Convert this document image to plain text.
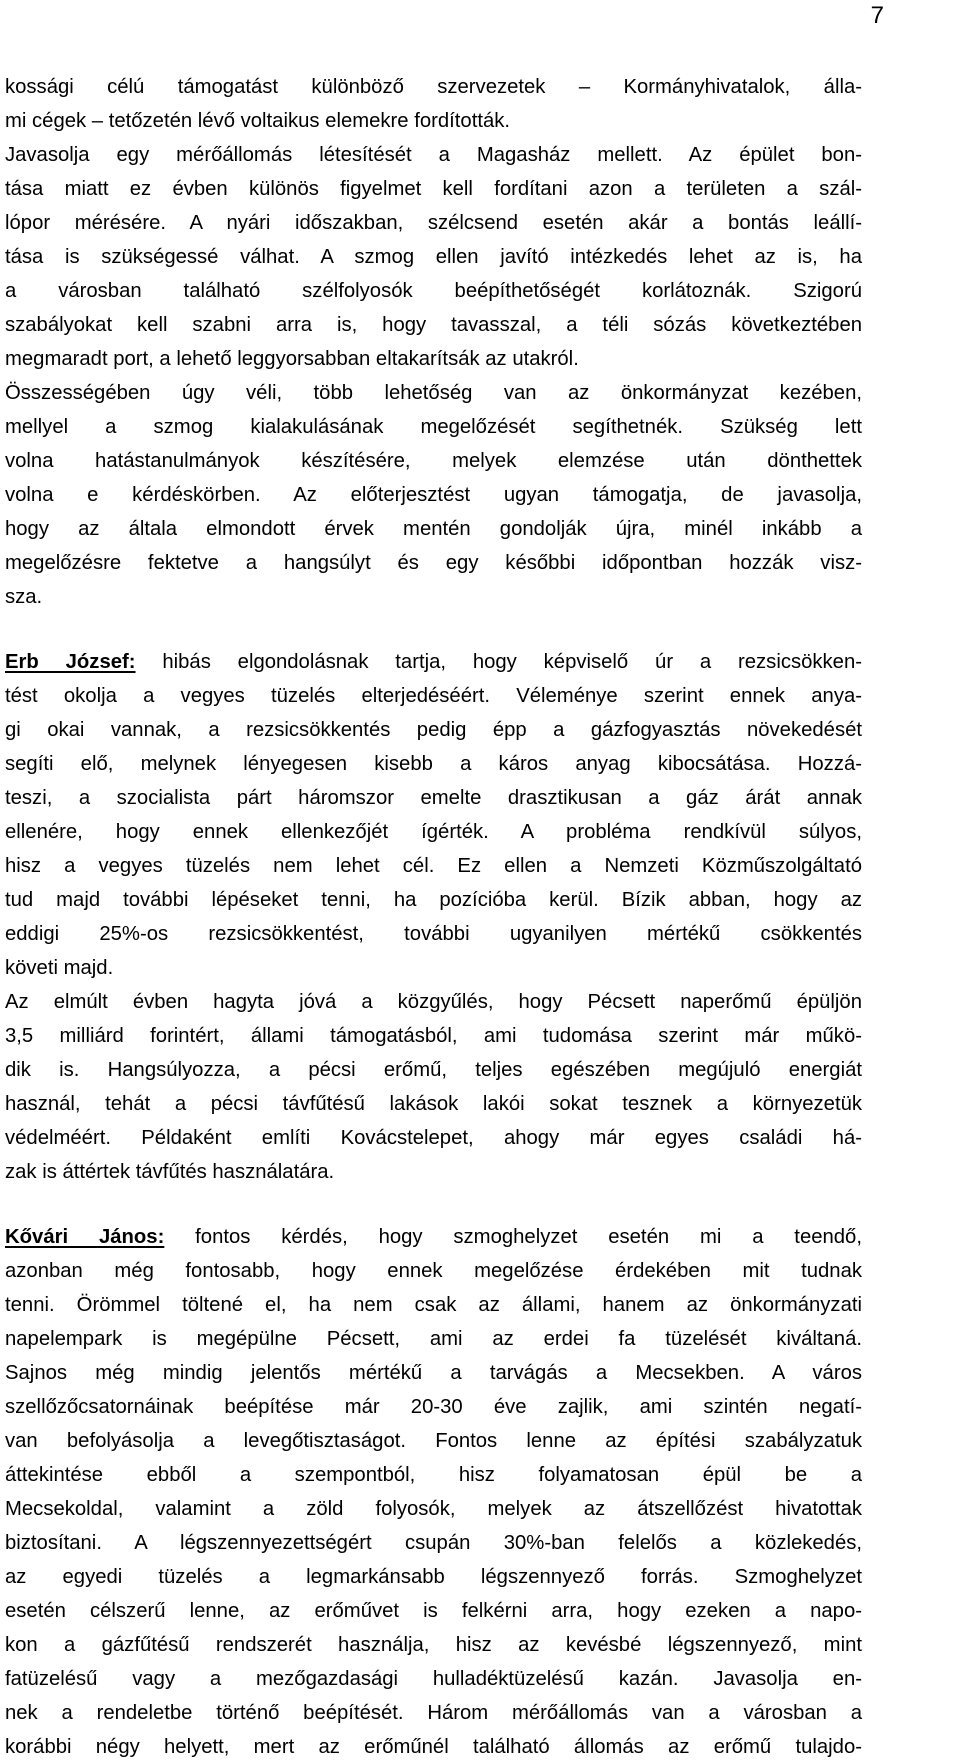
7
kossági célú támogatást különböző szervezetek – Kormányhivatalok, álla-
mi cégek – tetőzetén lévő voltaikus elemekre fordították.
Javasolja egy mérőállomás létesítését a Magasház mellett. Az épület bon-
tása miatt ez évben különös figyelmet kell fordítani azon a területen a szál-
lópor mérésére. A nyári időszakban, szélcsend esetén akár a bontás leállí-
tása is szükségessé válhat. A szmog ellen javító intézkedés lehet az is, ha
a városban található szélfolyosók beépíthetőségét korlátoznák. Szigorú
szabályokat kell szabni arra is, hogy tavasszal, a téli sózás következtében
megmaradt port, a lehető leggyorsabban eltakarítsák az utakról.
Összességében úgy véli, több lehetőség van az önkormányzat kezében,
mellyel a szmog kialakulásának megelőzését segíthetnék. Szükség lett
volna hatástanulmányok készítésére, melyek elemzése után dönthettek
volna e kérdéskörben. Az előterjesztést ugyan támogatja, de javasolja,
hogy az általa elmondott érvek mentén gondolják újra, minél inkább a
megelőzésre fektetve a hangsúlyt és egy későbbi időpontban hozzák visz-
sza.
Erb József: hibás elgondolásnak tartja, hogy képviselő úr a rezsicsökken-
tést okolja a vegyes tüzelés elterjedéséért. Véleménye szerint ennek anya-
gi okai vannak, a rezsicsökkentés pedig épp a gázfogyasztás növekedését
segíti elő, melynek lényegesen kisebb a káros anyag kibocsátása. Hozzá-
teszi, a szocialista párt háromszor emelte drasztikusan a gáz árát annak
ellenére, hogy ennek ellenkezőjét ígérték. A probléma rendkívül súlyos,
hisz a vegyes tüzelés nem lehet cél. Ez ellen a Nemzeti Közműszolgáltató
tud majd további lépéseket tenni, ha pozícióba kerül. Bízik abban, hogy az
eddigi 25%-os rezsicsökkentést, további ugyanilyen mértékű csökkentés
követi majd.
Az elmúlt évben hagyta jóvá a közgyűlés, hogy Pécsett naperőmű épüljön
3,5 milliárd forintért, állami támogatásból, ami tudomása szerint már műkö-
dik is. Hangsúlyozza, a pécsi erőmű, teljes egészében megújuló energiát
használ, tehát a pécsi távfűtésű lakások lakói sokat tesznek a környezetük
védelméért. Példaként említi Kovácstelepet, ahogy már egyes családi há-
zak is áttértek távfűtés használatára.
Kővári János: fontos kérdés, hogy szmoghelyzet esetén mi a teendő,
azonban még fontosabb, hogy ennek megelőzése érdekében mit tudnak
tenni. Örömmel töltené el, ha nem csak az állami, hanem az önkormányzati
napelempark is megépülne Pécsett, ami az erdei fa tüzelését kiváltaná.
Sajnos még mindig jelentős mértékű a tarvágás a Mecsekben. A város
szellőzőcsatornáinak beépítése már 20-30 éve zajlik, ami szintén negatí-
van befolyásolja a levegőtisztaságot. Fontos lenne az építési szabályzatuk
áttekintése ebből a szempontból, hisz folyamatosan épül be a
Mecsekoldal, valamint a zöld folyosók, melyek az átszellőzést hivatottak
biztosítani. A légszennyezettségért csupán 30%-ban felelős a közlekedés,
az egyedi tüzelés a legmarkánsabb légszennyező forrás. Szmoghelyzet
esetén célszerű lenne, az erőművet is felkérni arra, hogy ezeken a napo-
kon a gázfűtésű rendszerét használja, hisz az kevésbé légszennyező, mint
fatüzelésű vagy a mezőgazdasági hulladéktüzelésű kazán. Javasolja en-
nek a rendeletbe történő beépítését. Három mérőállomás van a városban a
korábbi négy helyett, mert az erőműnél található állomás az erőmű tulajdo-
